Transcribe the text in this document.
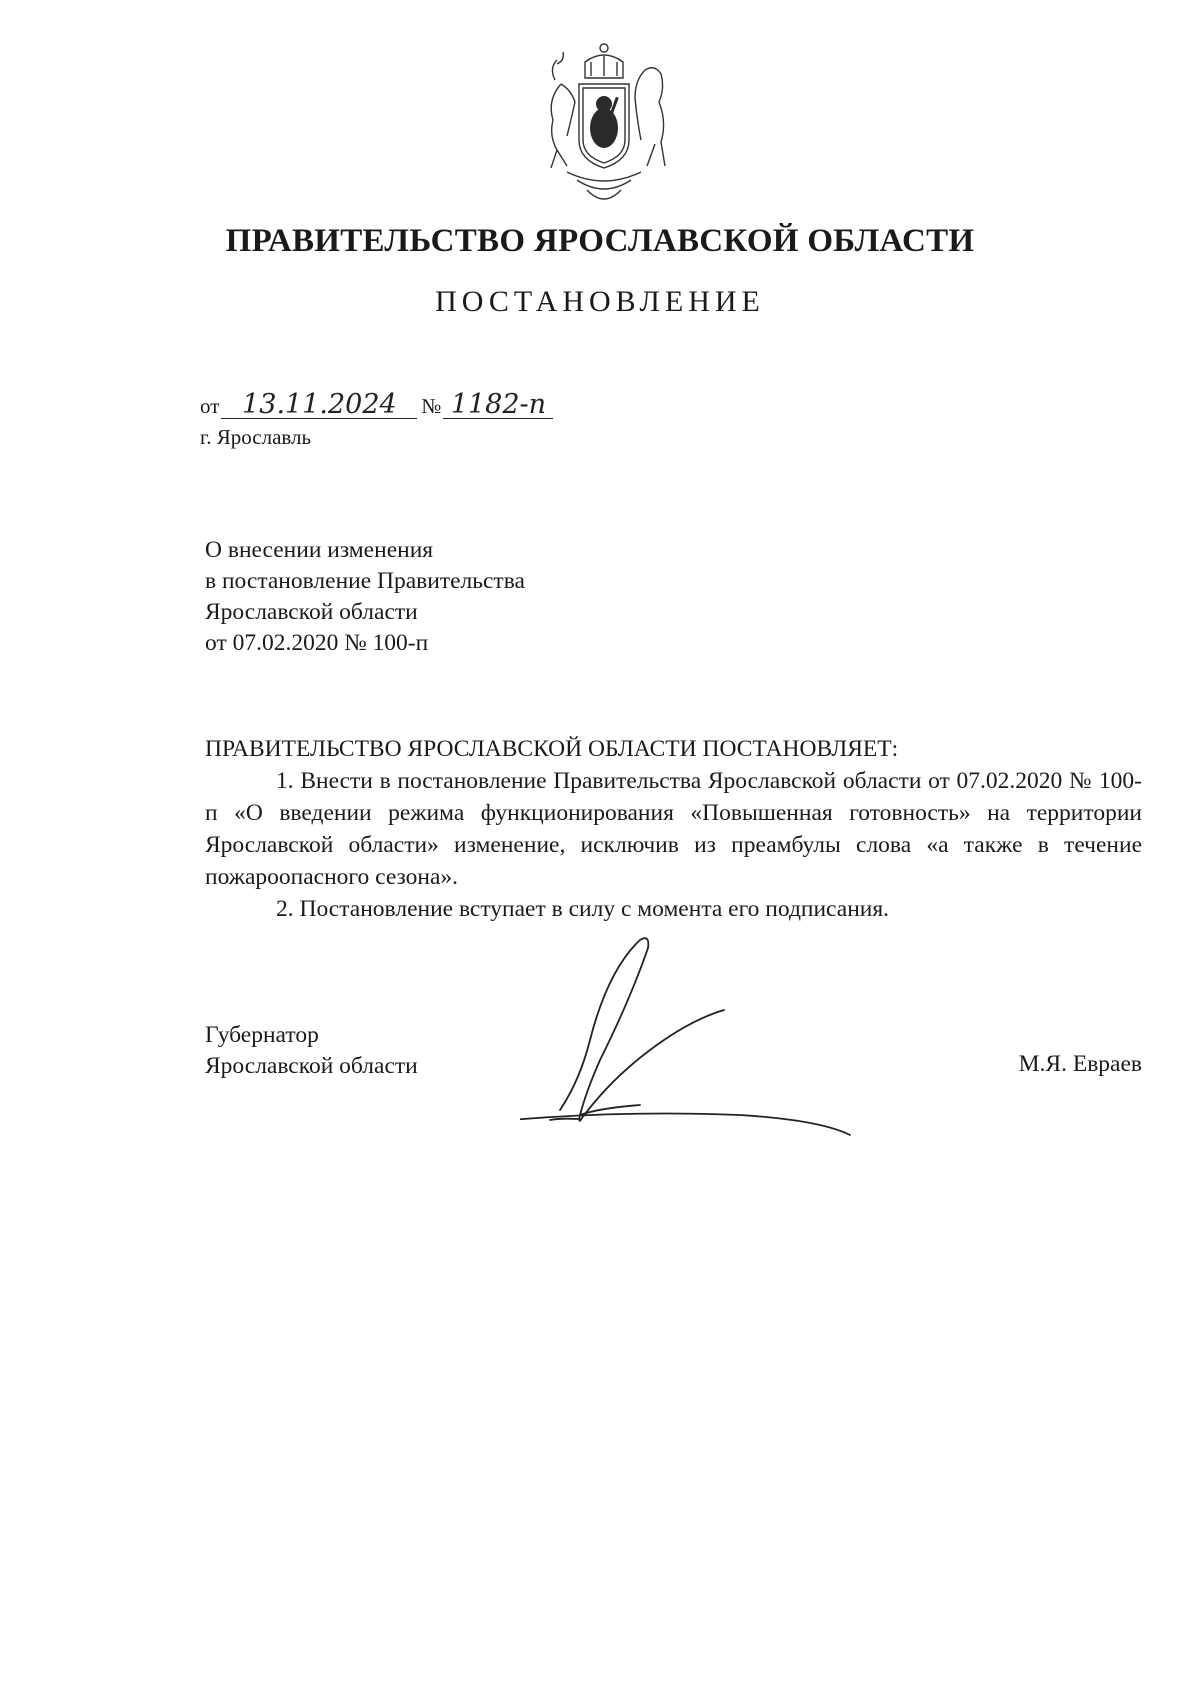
ПРАВИТЕЛЬСТВО ЯРОСЛАВСКОЙ ОБЛАСТИ
ПОСТАНОВЛЕНИЕ
от 13.11.2024 № 1182-п
г. Ярославль
О внесении изменения
в постановление Правительства
Ярославской области
от 07.02.2020 № 100-п

ПРАВИТЕЛЬСТВО ЯРОСЛАВСКОЙ ОБЛАСТИ ПОСТАНОВЛЯЕТ:

1. Внести в постановление Правительства Ярославской области от 07.02.2020 № 100-п «О введении режима функционирования «Повышенная готовность» на территории Ярославской области» изменение, исключив из преамбулы слова «а также в течение пожароопасного сезона».

2. Постановление вступает в силу с момента его подписания.

Губернатор
Ярославской области	М.Я. Евраев
